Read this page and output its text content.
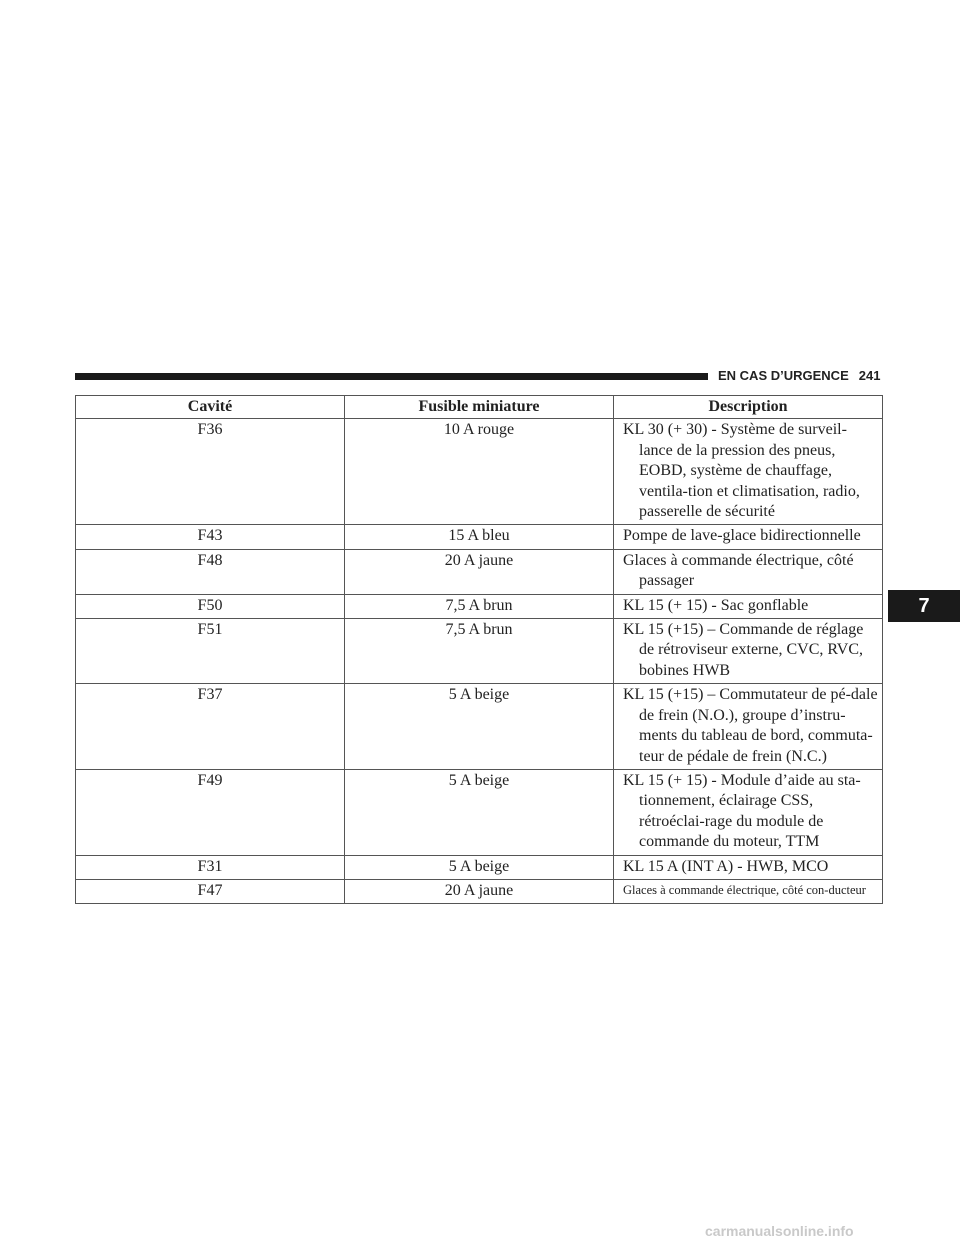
EN CAS D’URGENCE 241
Cavité	Fusible miniature	Description
F36	10 A rouge	KL 30 (+ 30) - Système de surveil-lance de la pression des pneus, EOBD, système de chauffage, ventila-tion et climatisation, radio, passerelle de sécurité

F43	15 A bleu	Pompe de lave-glace bidirectionnelle

F48	20 A jaune	Glaces à commande électrique, côté passager

F50	7,5 A brun	KL 15 (+ 15) - Sac gonflable

F51	7,5 A brun	KL 15 (+15) – Commande de réglage de rétroviseur externe, CVC, RVC, bobines HWB

F37	5 A beige	KL 15 (+15) – Commutateur de pé-dale de frein (N.O.), groupe d’instru-ments du tableau de bord, commuta-teur de pédale de frein (N.C.)

F49	5 A beige	KL 15 (+ 15) - Module d’aide au sta-tionnement, éclairage CSS, rétroéclai-rage du module de commande du moteur, TTM

F31	5 A beige	KL 15 A (INT A) - HWB, MCO

F47	20 A jaune	Glaces à commande électrique, côté con-ducteur
7
carmanualsonline.info
